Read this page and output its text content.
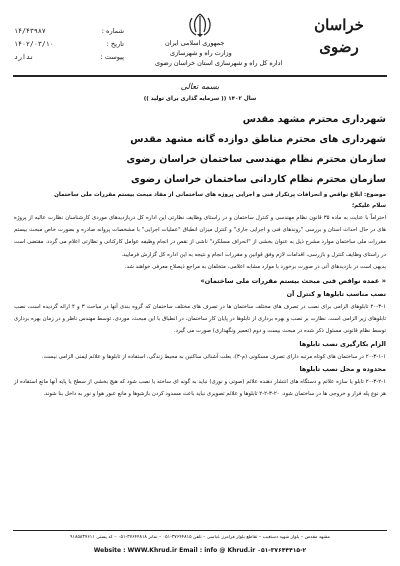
جمهوری اسلامی ایران
وزارت راه و شهرسازی
اداره کل راه و شهرسازی استان خراسان رضوی
خراسان رضوی
شماره :
۱۴/۴۳۹۸۷
تاریخ :
۱۴۰۲/۰۳/۱۰
پیوست :
ندارد
بسمه تعالی
سال ۱۴۰۲ (( سرمایه گذاری برای تولید ))
شهرداری محترم مشهد مقدس
شهرداری های محترم مناطق دوازده گانه مشهد مقدس
سازمان محترم نظام مهندسی ساختمان خراسان رضوی
سازمان محترم نظام کاردانی ساختمان خراسان رضوی
موضوع: ابلاغ نواقص و انحرافات پرتکرار فنی و اجرایی پروژه های ساختمانی از مفاد مبحث بیستم مقررات ملی ساختمان
سلام علیکم؛

احتراماً با عنایت به ماده ۳۵ قانون نظام مهندسی و کنترل ساختمان و در راستای وظایف نظارتی این اداره کل دربازدیدهای موردی کارشناسان نظارت عالیه از پروژه های در حال احداث استان و بررسی "روندهای فنی و اجرایی جاری" و کنترل میزان انطباق "عملیات اجرایی" با مشخصات پروانه صادره و بصورت خاص مبحث بیستم مقررات ملی ساختمان موارد مشرح ذیل به عنوان بخشی از "انحراف مسلکرد" ناشی از نقص در انجام وظیفه عوامل کارکنانی و نظارتی اعلام می گردد. مقتضی است در راستای وظایف کنترل و بازرسی، اقدامات لازم وفق قوانین و مقررات انجام و نتیجه به این اداره کل گزارش فرمایید.

بدیهی است در بازدیدهای آتی در صورت برخورد با موارد مشابه اعلامی، متخلفان به مراجع ذیصلاح معرفی خواهند شد.

« عمده نواقص فنی مبحث بیستم مقررات ملی ساختمان»
نصب مناسب تابلوها و کنترل آن

۲۰-۳-۱ تابلوهای الزامی برای نصب در تصرف های مختلف ساختمان ها در تصرف های مختلف ساختمان که گروه بندی آنها در مباحث ۳ و ۴ ارائه گردیده است، نصب تابلوهای زیر الزامی است. نظارت بر نصب و بهره برداری از تابلوها در پایان کار ساختمان، در انطباق با این مبحث، موردی، توسط مهندس ناظر و در زمان بهره برداری توسط نظام قانونی مسئول ذکر شده در مبحث بیست و دوم (تعمیر ونگهداری) صورت می گیرد.

الزام بکارگیری نصب تابلوها

۲۰-۳-۱-۱ در ساختمان های کوتاه مرتبه دارای تصرف مسکونی (م-۳)، بعلت آشنائی ساکنین به محیط زندگی، استفاده از تابلوها و علائم ایمنی الزامی نیست.

محدوده و محل نصب تابلوها

۲۰-۳-۲-۱ تابلو یا سازه علائم و دستگاه های انتشار دهنده علائم (صوتی و نوری) نباید به گونه ای ساخته یا نصب شود که هیچ بخشی از سطح یا پایه آنها مانع استفاده از هر نوع پله فرار و خروجی ها در ساختمان شود. ۲۰-۳-۲-۲ تابلوها و علائم تصویری نباید باعث مسدود کردن بازشوها و مانع عبور هوا و نور به داخل بنا شوند.

مشهد مقدس – بلوار شهید دستغیب – تقاطع بلوار فرامرز عباسی – تلفن ۳۷۶۴۴۸۱۵-۰۵۱ – نمابر ۳۷۶۴۴۸۱۸-۰۵۱ – کد پستی ۹۱۸۵۸۳۷۶۱۱
Website : WWW.Khrud.ir Email : info @ Khrud.ir ۰۵۱-۳۷۶۴۴۴۱۵-۲
